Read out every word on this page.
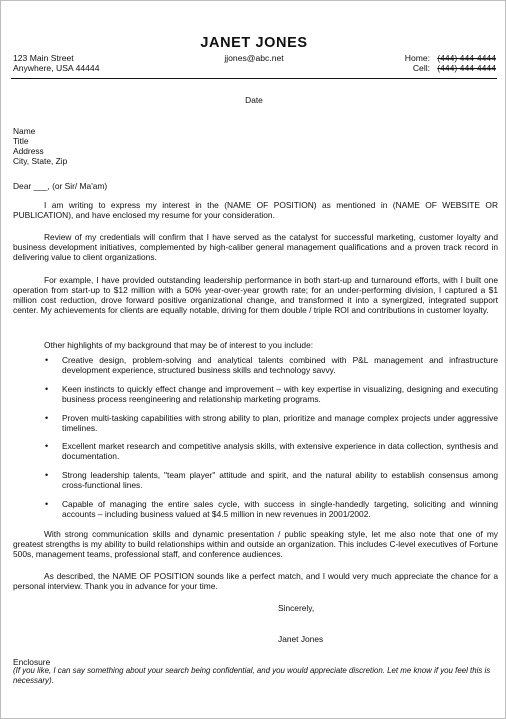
JANET JONES
jjones@abc.net
123 Main Street
Anywhere, USA 44444
Home: (444) 444-4444
Cell: (444) 444-4444
Date
Name
Title
Address
City, State, Zip
Dear ___, (or Sir/ Ma'am)
I am writing to express my interest in the (NAME OF POSITION) as mentioned in (NAME OF WEBSITE OR PUBLICATION), and have enclosed my resume for your consideration.
Review of my credentials will confirm that I have served as the catalyst for successful marketing, customer loyalty and business development initiatives, complemented by high-caliber general management qualifications and a proven track record in delivering value to client organizations.
For example, I have provided outstanding leadership performance in both start-up and turnaround efforts, with I built one operation from start-up to $12 million with a 50% year-over-year growth rate; for an under-performing division, I captured a $1 million cost reduction, drove forward positive organizational change, and transformed it into a synergized, integrated support center. My achievements for clients are equally notable, driving for them double / triple ROI and contributions in customer loyalty.
Other highlights of my background that may be of interest to you include:
• Creative design, problem-solving and analytical talents combined with P&L management and infrastructure development experience, structured business skills and technology savvy.
• Keen instincts to quickly effect change and improvement – with key expertise in visualizing, designing and executing business process reengineering and relationship marketing programs.
• Proven multi-tasking capabilities with strong ability to plan, prioritize and manage complex projects under aggressive timelines.
• Excellent market research and competitive analysis skills, with extensive experience in data collection, synthesis and documentation.
• Strong leadership talents, "team player" attitude and spirit, and the natural ability to establish consensus among cross-functional lines.
• Capable of managing the entire sales cycle, with success in single-handedly targeting, soliciting and winning accounts – including business valued at $4.5 million in new revenues in 2001/2002.
With strong communication skills and dynamic presentation / public speaking style, let me also note that one of my greatest strengths is my ability to build relationships within and outside an organization. This includes C-level executives of Fortune 500s, management teams, professional staff, and conference audiences.
As described, the NAME OF POSITION sounds like a perfect match, and I would very much appreciate the chance for a personal interview. Thank you in advance for your time.
Sincerely,
Janet Jones
Enclosure
(If you like, I can say something about your search being confidential, and you would appreciate discretion. Let me know if you feel this is necessary).
